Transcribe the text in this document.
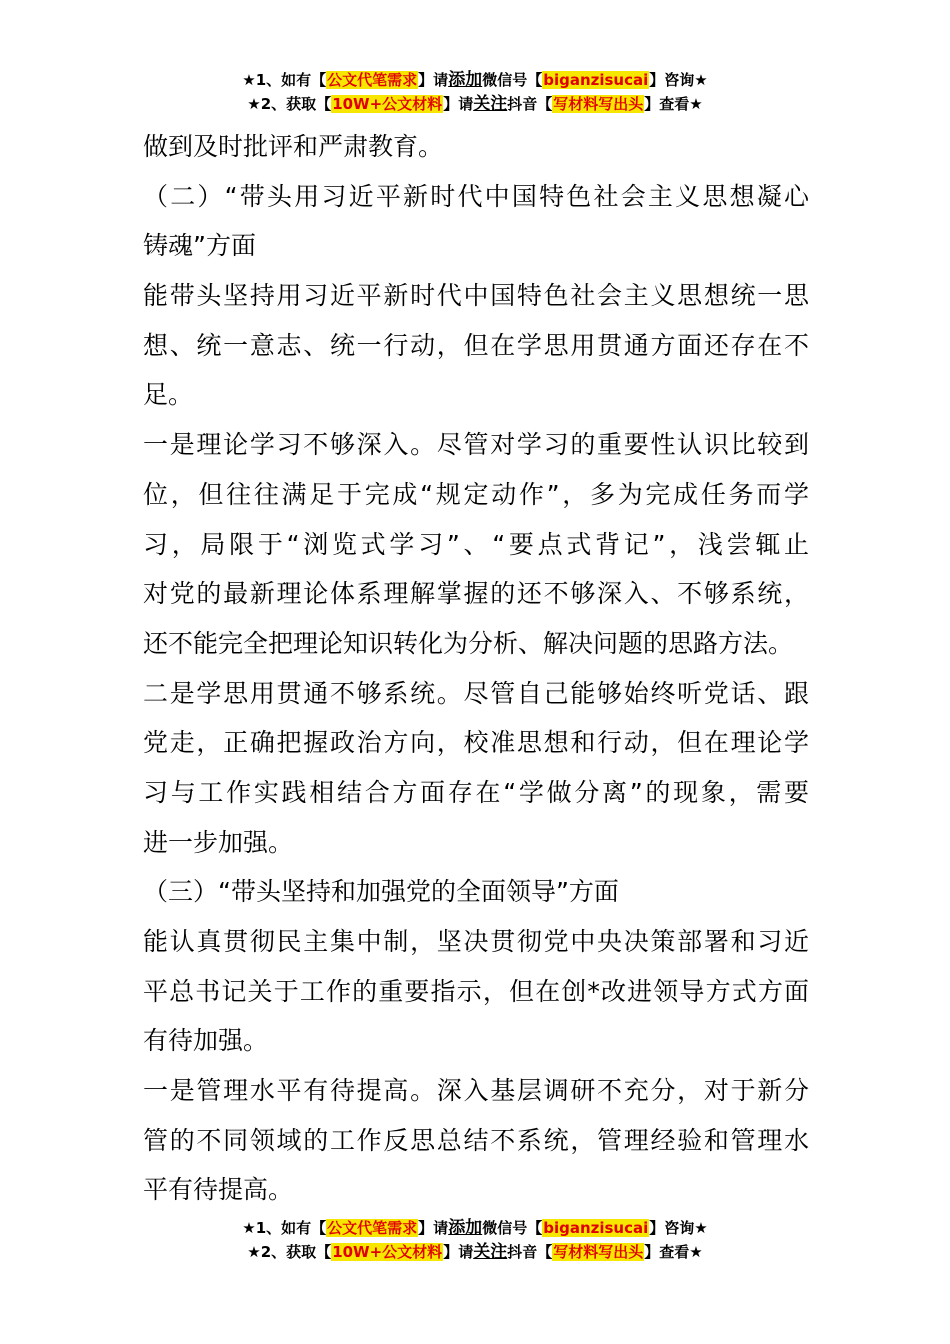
★1、如有【公文代笔需求】请添加微信号【biganzisucai】咨询★
★2、获取【10W+公文材料】请关注抖音【写材料写出头】查看★
做到及时批评和严肃教育。
（二）“带头用习近平新时代中国特色社会主义思想凝心
铸魂”方面
能带头坚持用习近平新时代中国特色社会主义思想统一思
想、统一意志、统一行动，但在学思用贯通方面还存在不
足。
一是理论学习不够深入。尽管对学习的重要性认识比较到
位，但往往满足于完成“规定动作”，多为完成任务而学
习，局限于“浏览式学习”、“要点式背记”，浅尝辄止
对党的最新理论体系理解掌握的还不够深入、不够系统，
还不能完全把理论知识转化为分析、解决问题的思路方法。
二是学思用贯通不够系统。尽管自己能够始终听党话、跟
党走，正确把握政治方向，校准思想和行动，但在理论学
习与工作实践相结合方面存在“学做分离”的现象，需要
进一步加强。
（三）“带头坚持和加强党的全面领导”方面
能认真贯彻民主集中制，坚决贯彻党中央决策部署和习近
平总书记关于工作的重要指示，但在创*改进领导方式方面
有待加强。
一是管理水平有待提高。深入基层调研不充分，对于新分
管的不同领域的工作反思总结不系统，管理经验和管理水
平有待提高。
★1、如有【公文代笔需求】请添加微信号【biganzisucai】咨询★
★2、获取【10W+公文材料】请关注抖音【写材料写出头】查看★
